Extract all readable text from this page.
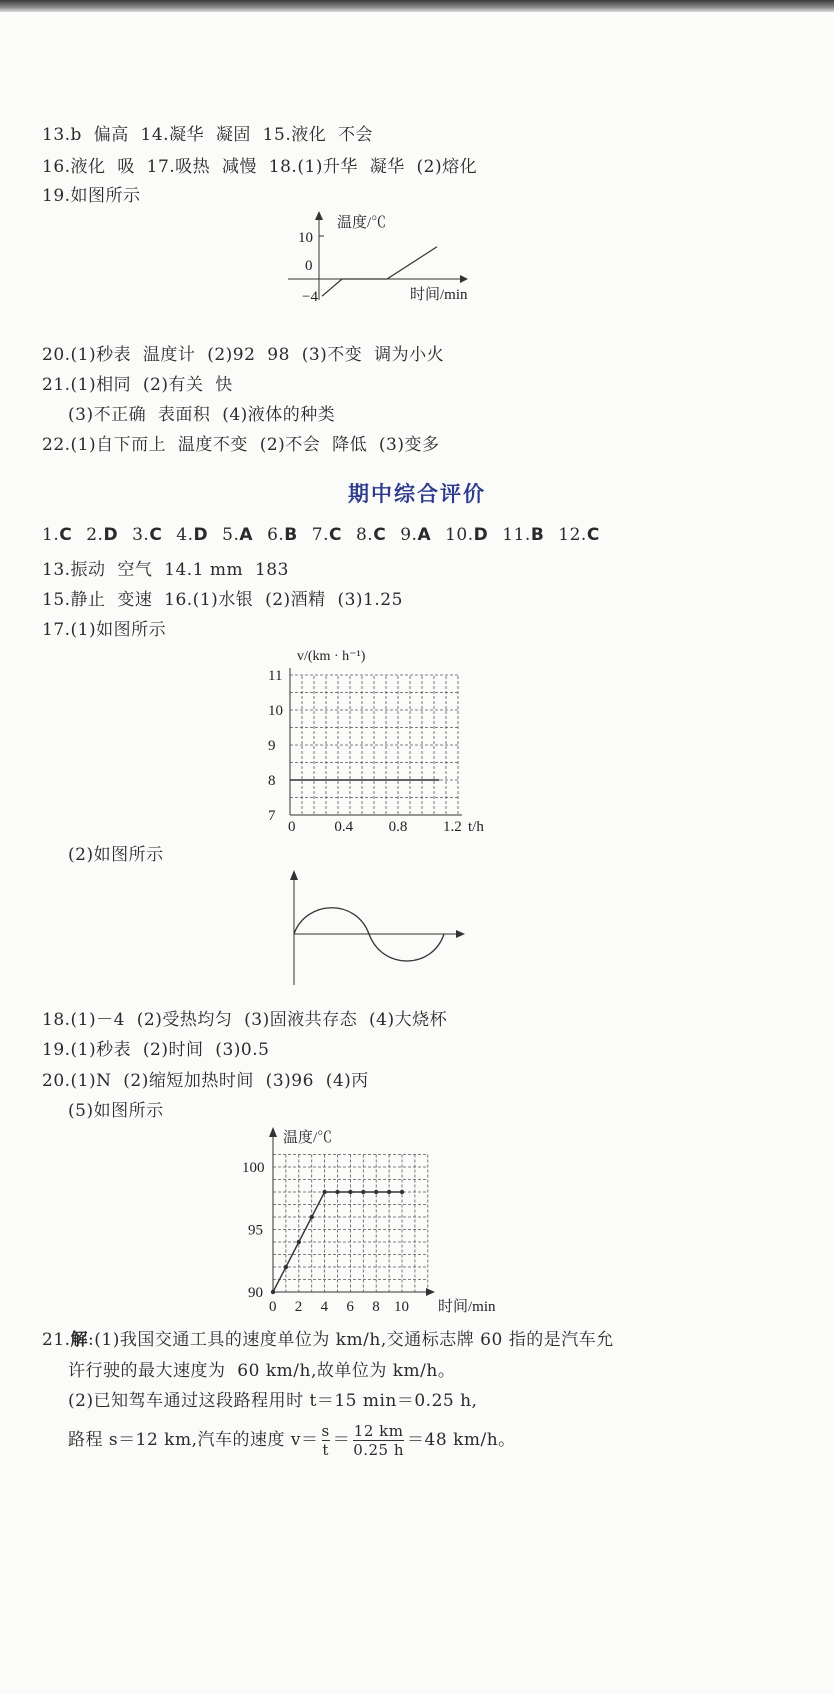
13.b  偏高  14.凝华  凝固  15.液化  不会
16.液化  吸  17.吸热  减慢  18.(1)升华  凝华  (2)熔化
19.如图所示
温度/℃
10
0
−4	时间/min
20.(1)秒表  温度计  (2)92  98  (3)不变  调为小火
21.(1)相同  (2)有关  快
(3)不正确  表面积  (4)液体的种类
22.(1)自下而上  温度不变  (2)不会  降低  (3)变多
期中综合评价
1.C 2.D 3.C 4.D 5.A 6.B 7.C 8.C 9.A 10.D 11.B 12.C
13.振动  空气  14.1 mm  183
15.静止  变速  16.(1)水银  (2)酒精  (3)1.25
17.(1)如图所示
v/(km · h⁻¹)
t/h
7
8
9
10
11
0	0.4 0.8 1.2
(2)如图所示
18.(1)－4  (2)受热均匀  (3)固液共存态  (4)大烧杯
19.(1)秒表  (2)时间  (3)0.5
20.(1)N  (2)缩短加热时间  (3)96  (4)丙
(5)如图所示
温度/℃
时间/min
90
95
100
0 2 4 6 8 10
21.解:(1)我国交通工具的速度单位为 km/h,交通标志牌 60 指的是汽车允
许行驶的最大速度为  60 km/h,故单位为 km/h。
(2)已知驾车通过这段路程用时 t＝15 min＝0.25 h,
路程 s＝12 km,汽车的速度 $v= \frac{s}{t} = \frac{12 km}{0.25 h} =48$ km/h。
